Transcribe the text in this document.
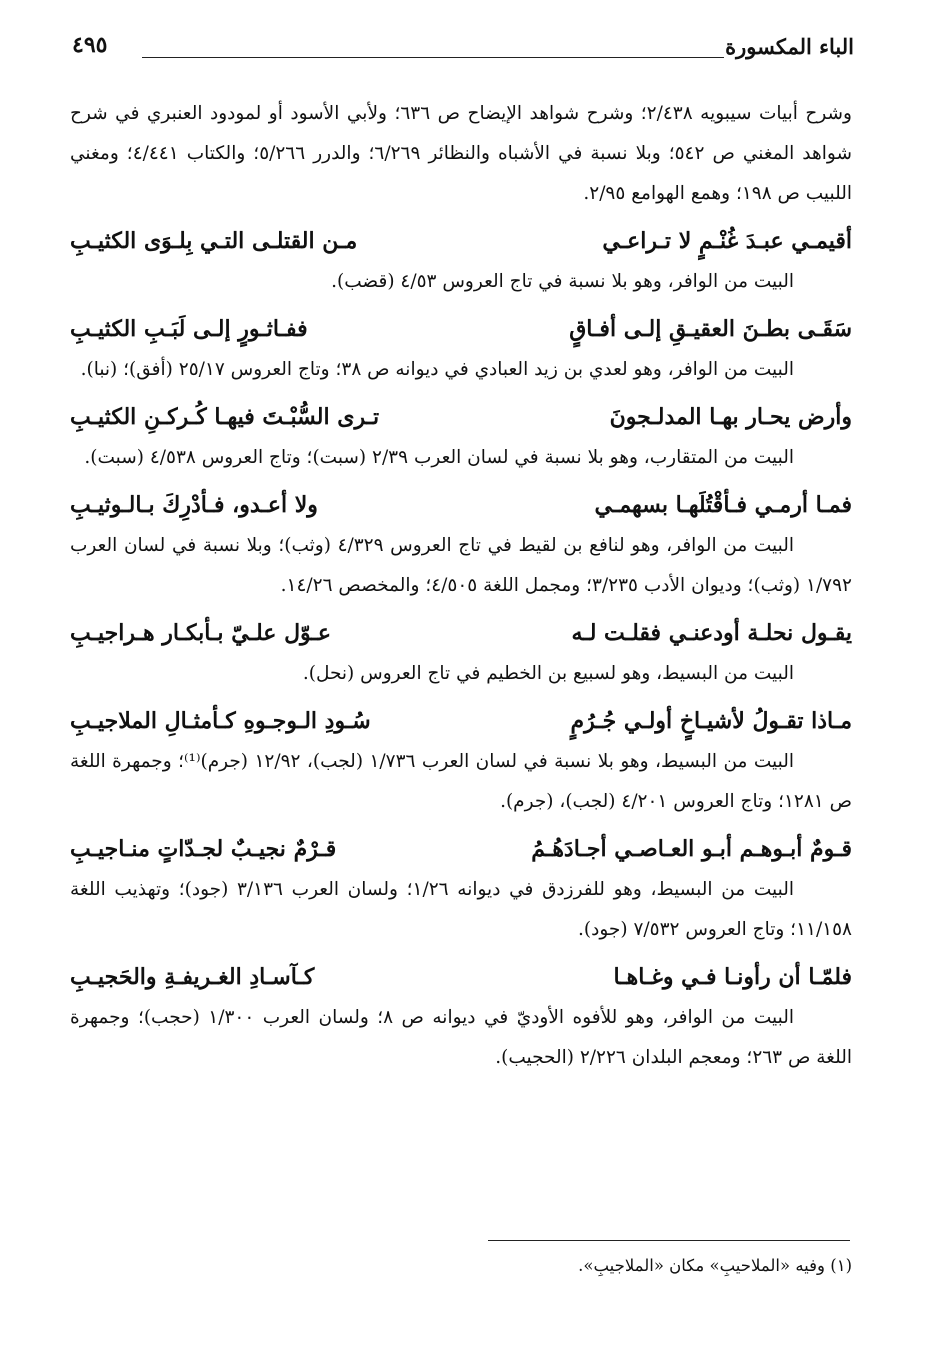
الباء المكسورة
٤٩٥

وشرح أبيات سيبويه ٢/٤٣٨؛ وشرح شواهد الإيضاح ص ٦٣٦؛ ولأبي الأسود أو لمودود العنبري في شرح شواهد المغني ص ٥٤٢؛ وبلا نسبة في الأشباه والنظائر ٦/٢٦٩؛ والدرر ٥/٢٦٦؛ والكتاب ٤/٤٤١؛ ومغني اللبيب ص ١٩٨؛ وهمع الهوامع ٢/٩٥.

أقيمـي عبـدَ غُنْـمٍ لا تـراعـي
مـن القتلـى التـي بِلـوَى الكثيـبِ

البيت من الوافر، وهو بلا نسبة في تاج العروس ٤/٥٣ (قضب).

سَقَـى بطـنَ العقيـقِ إلـى أفـاقٍ
ففـاثـورٍ إلـى لَبَـبِ الكثيـبِ

البيت من الوافر، وهو لعدي بن زيد العبادي في ديوانه ص ٣٨؛ وتاج العروس ٢٥/١٧ (أفق)؛ (نبا).

وأرض يحـار بهـا المدلـجونَ
تـرى السُّبْـتَ فيهـا كُـركـنِ الكثيـبِ

البيت من المتقارب، وهو بلا نسبة في لسان العرب ٢/٣٩ (سبت)؛ وتاج العروس ٤/٥٣٨ (سبت).

فمـا أرمـي فـأقْتُلَهـا بسهمـي
ولا أعـدو، فـأدْرِكَ بـالـوثيـبِ

البيت من الوافر، وهو لنافع بن لقيط في تاج العروس ٤/٣٢٩ (وثب)؛ وبلا نسبة في لسان العرب ١/٧٩٢ (وثب)؛ وديوان الأدب ٣/٢٣٥؛ ومجمل اللغة ٤/٥٠٥؛ والمخصص ١٤/٢٦.

يقـول نحلـة أودعنـي فقلـت لـه
عـوّل علـيّ بـأبكـار هـراجيـبِ

البيت من البسيط، وهو لسبيع بن الخطيم في تاج العروس (نحل).

مـاذا تقـولُ لأشيـاخٍ أولـي جُـرُمٍ
سُـودِ الـوجـوهِ كـأمثـالِ الملاجيـبِ

البيت من البسيط، وهو بلا نسبة في لسان العرب ١/٧٣٦ (لجب)، ١٢/٩٢ (جرم)⁽¹⁾؛ وجمهرة اللغة ص ١٢٨١؛ وتاج العروس ٤/٢٠١ (لجب)، (جرم).

قـومٌ أبـوهـم أبـو العـاصـي أجـادَهُـمُ
قـرْمٌ نجيـبٌ لجـدّاتٍ منـاجيـبِ

البيت من البسيط، وهو للفرزدق في ديوانه ١/٢٦؛ ولسان العرب ٣/١٣٦ (جود)؛ وتهذيب اللغة ١١/١٥٨؛ وتاج العروس ٧/٥٣٢ (جود).

فلمّـا أن رأونـا فـي وغـاهـا
كـآسـادِ الغـريفـةِ والحَجيـبِ

البيت من الوافر، وهو للأفوه الأوديّ في ديوانه ص ٨؛ ولسان العرب ١/٣٠٠ (حجب)؛ وجمهرة اللغة ص ٢٦٣؛ ومعجم البلدان ٢/٢٢٦ (الحجيب).

(١) وفيه «الملاحيبِ» مكان «الملاجيبِ».
